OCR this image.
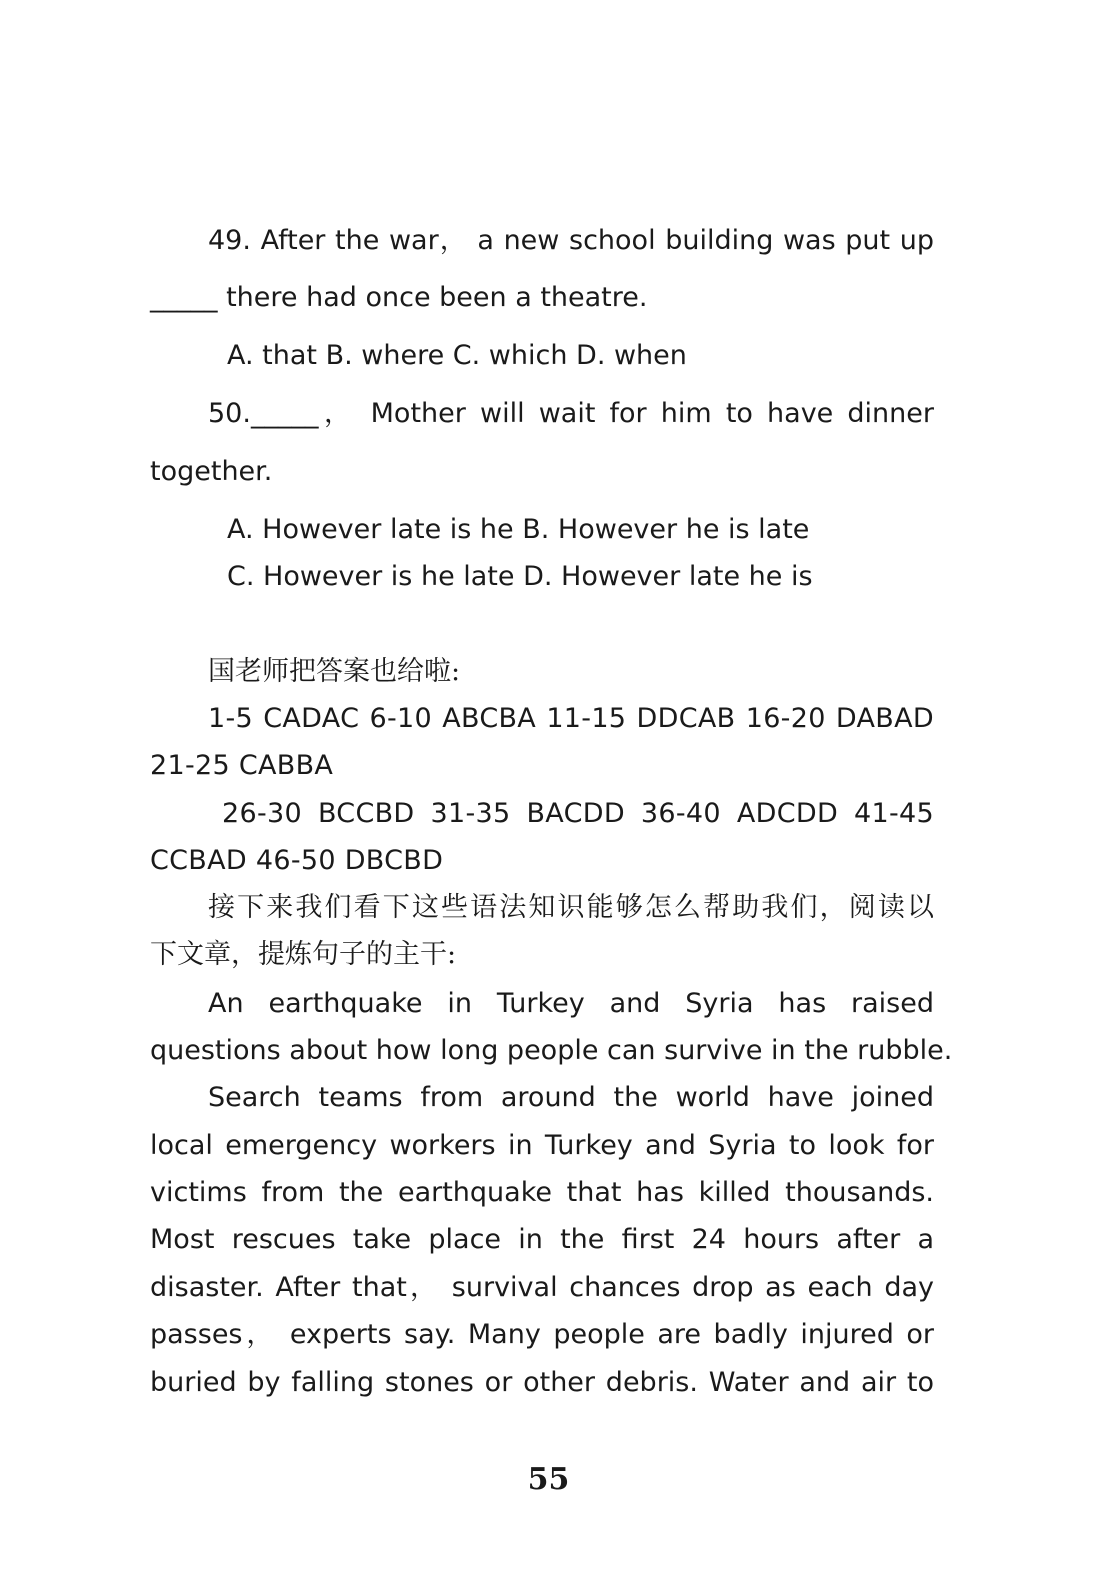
49. After the war， a new school building was put up
_____ there had once been a theatre.
A. that B. where C. which D. when
50._____， Mother will wait for him to have dinner
together.
A. However late is he B. However he is late
C. However is he late D. However late he is
国老师把答案也给啦:
1-5 CADAC 6-10 ABCBA 11-15 DDCAB 16-20 DABAD
21-25 CABBA
26-30 BCCBD 31-35 BACDD 36-40 ADCDD 41-45
CCBAD 46-50 DBCBD
接下来我们看下这些语法知识能够怎么帮助我们，阅读以
下文章，提炼句子的主干:
An earthquake in Turkey and Syria has raised
questions about how long people can survive in the rubble.
Search teams from around the world have joined
local emergency workers in Turkey and Syria to look for
victims from the earthquake that has killed thousands.
Most rescues take place in the first 24 hours after a
disaster. After that， survival chances drop as each day
passes， experts say. Many people are badly injured or
buried by falling stones or other debris. Water and air to
55
